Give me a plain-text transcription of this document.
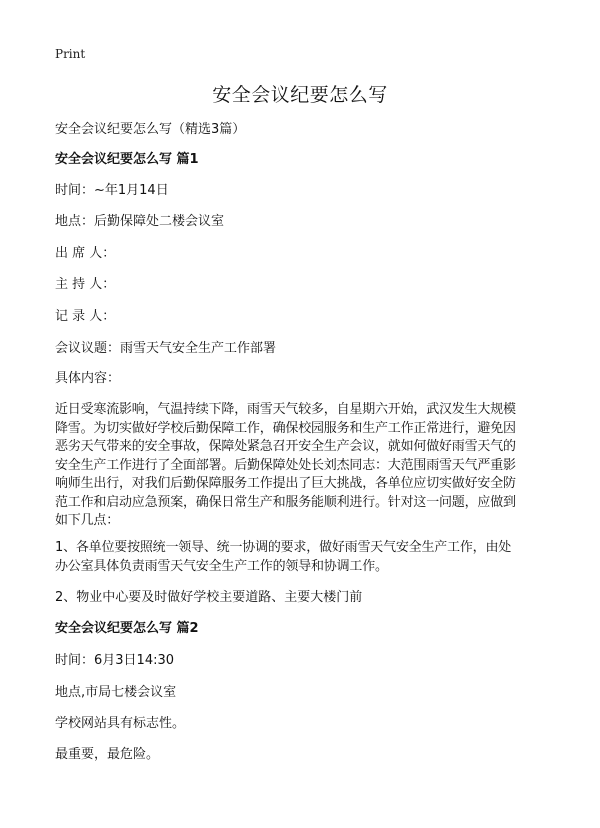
Print
安全会议纪要怎么写
安全会议纪要怎么写（精选3篇）
安全会议纪要怎么写 篇1
时间：~年1月14日
地点：后勤保障处二楼会议室
出 席 人：
主 持 人：
记 录 人：
会议议题：雨雪天气安全生产工作部署
具体内容：
近日受寒流影响，气温持续下降，雨雪天气较多，自星期六开始，武汉发生大规模
降雪。为切实做好学校后勤保障工作，确保校园服务和生产工作正常进行，避免因
恶劣天气带来的安全事故，保障处紧急召开安全生产会议，就如何做好雨雪天气的
安全生产工作进行了全面部署。后勤保障处处长刘杰同志：大范围雨雪天气严重影
响师生出行，对我们后勤保障服务工作提出了巨大挑战，各单位应切实做好安全防
范工作和启动应急预案，确保日常生产和服务能顺利进行。针对这一问题，应做到
如下几点：
1、各单位要按照统一领导、统一协调的要求，做好雨雪天气安全生产工作，由处
办公室具体负责雨雪天气安全生产工作的领导和协调工作。
2、物业中心要及时做好学校主要道路、主要大楼门前
安全会议纪要怎么写 篇2
时间：6月3日14:30
地点,市局七楼会议室
学校网站具有标志性。
最重要，最危险。
